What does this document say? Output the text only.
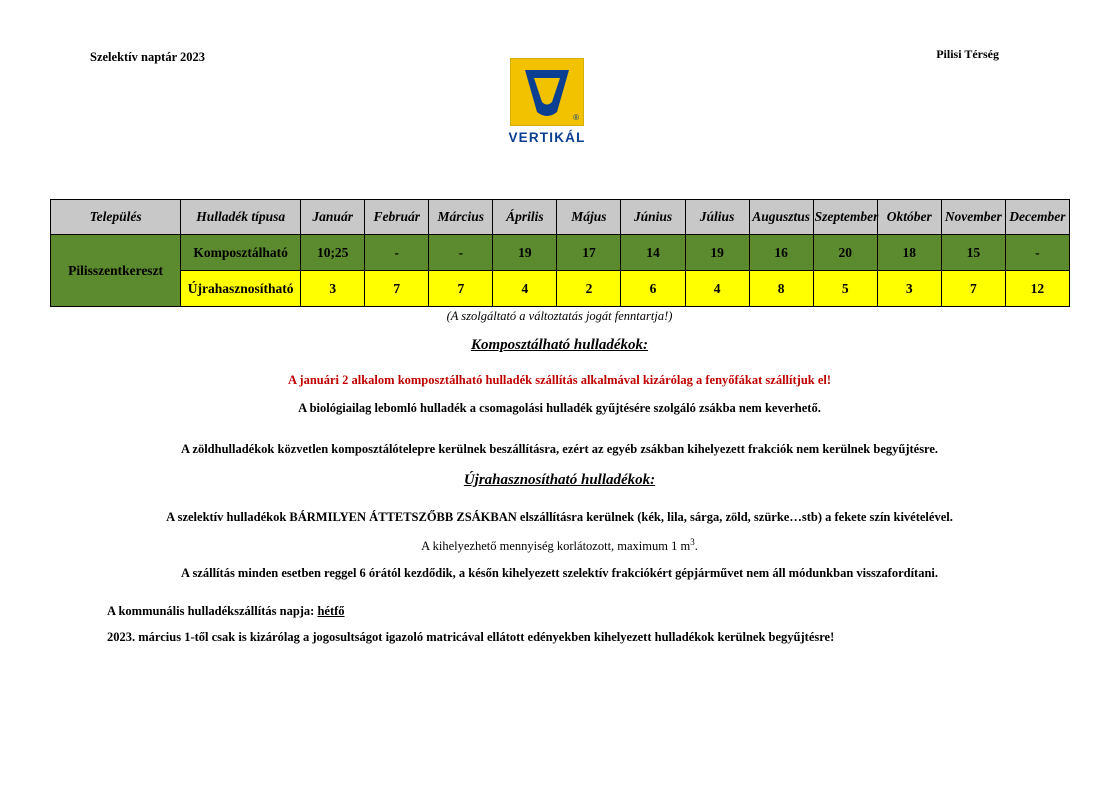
Szelektív naptár 2023	Pilisi Térség
®
VERTIKÁL
Település	Hulladék típusa	Január	Február	Március	Április	Május	Június	Július	Augusztus	Szeptember	Október	November	December
Pilisszentkereszt	Komposztálható	10;25	-	-	19	17	14	19	16	20	18	15	-
	Újrahasznosítható	3	7	7	4	2	6	4	8	5	3	7	12
(A szolgáltató a változtatás jogát fenntartja!)
Komposztálható hulladékok:
A januári 2 alkalom komposztálható hulladék szállítás alkalmával kizárólag a fenyőfákat szállítjuk el!
A biológiailag lebomló hulladék a csomagolási hulladék gyűjtésére szolgáló zsákba nem keverhető.
A zöldhulladékok közvetlen komposztálótelepre kerülnek beszállításra, ezért az egyéb zsákban kihelyezett frakciók nem kerülnek begyűjtésre.
Újrahasznosítható hulladékok:
A szelektív hulladékok BÁRMILYEN ÁTTETSZŐBB ZSÁKBAN elszállításra kerülnek (kék, lila, sárga, zöld, szürke…stb) a fekete szín kivételével.
A kihelyezhető mennyiség korlátozott, maximum 1 $m^3$.
A szállítás minden esetben reggel 6 órától kezdődik, a későn kihelyezett szelektív frakciókért gépjárművet nem áll módunkban visszafordítani.
A kommunális hulladékszállítás napja: hétfő
2023. március 1-től csak is kizárólag a jogosultságot igazoló matricával ellátott edényekben kihelyezett hulladékok kerülnek begyűjtésre!
